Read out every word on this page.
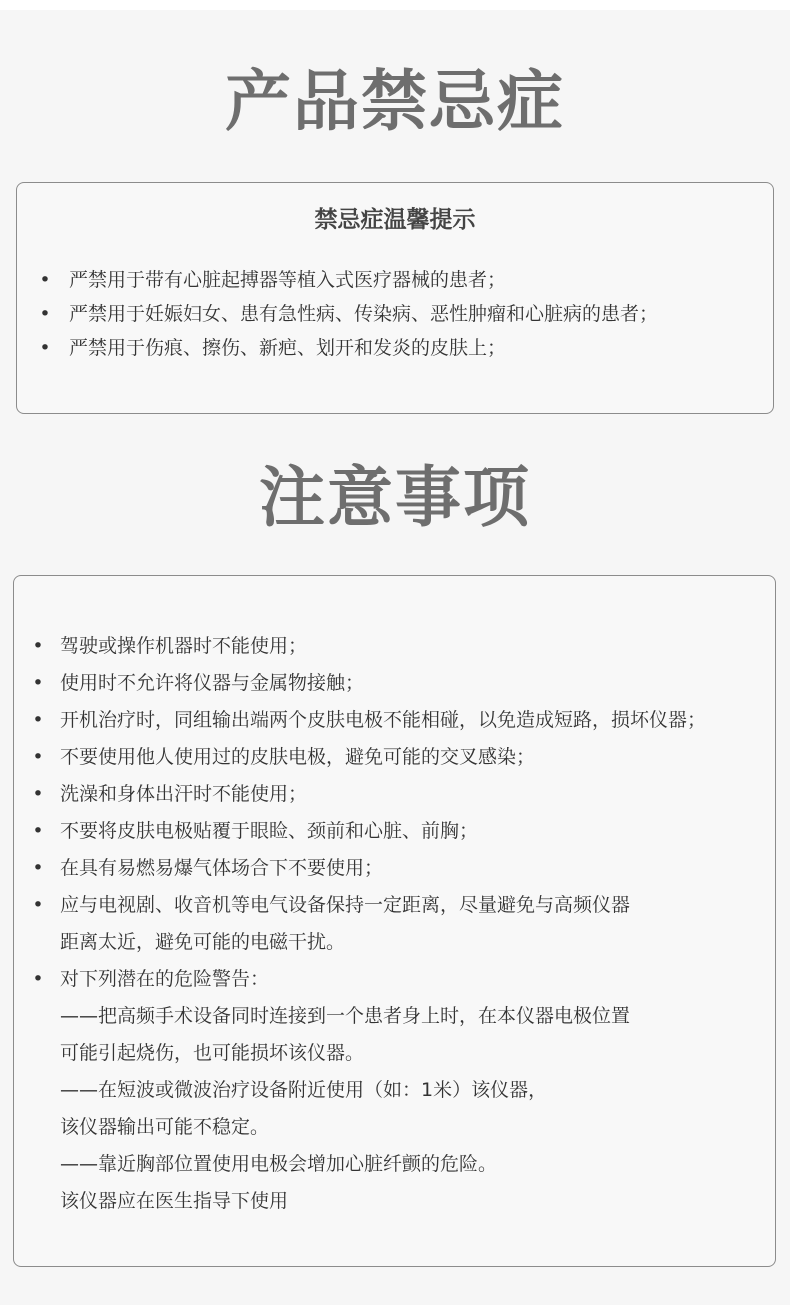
产品禁忌症
禁忌症温馨提示
• 严禁用于带有心脏起搏器等植入式医疗器械的患者；
• 严禁用于妊娠妇女、患有急性病、传染病、恶性肿瘤和心脏病的患者；
• 严禁用于伤痕、擦伤、新疤、划开和发炎的皮肤上；
注意事项
• 驾驶或操作机器时不能使用；
• 使用时不允许将仪器与金属物接触；
• 开机治疗时，同组输出端两个皮肤电极不能相碰，以免造成短路，损坏仪器；
• 不要使用他人使用过的皮肤电极，避免可能的交叉感染；
• 洗澡和身体出汗时不能使用；
• 不要将皮肤电极贴覆于眼睑、颈前和心脏、前胸；
• 在具有易燃易爆气体场合下不要使用；
• 应与电视剧、收音机等电气设备保持一定距离，尽量避免与高频仪器
距离太近，避免可能的电磁干扰。
• 对下列潜在的危险警告：
——把高频手术设备同时连接到一个患者身上时，在本仪器电极位置
可能引起烧伤，也可能损坏该仪器。
——在短波或微波治疗设备附近使用（如：1米）该仪器，
该仪器输出可能不稳定。
——靠近胸部位置使用电极会增加心脏纤颤的危险。
该仪器应在医生指导下使用
